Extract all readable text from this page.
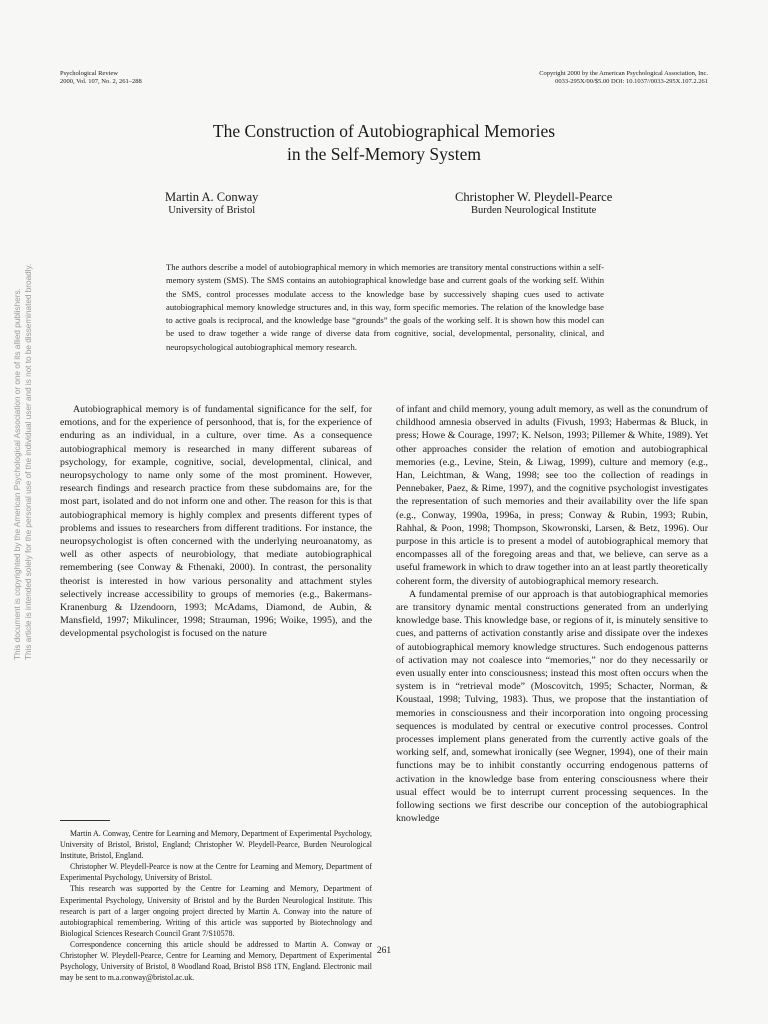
Psychological Review
2000, Vol. 107, No. 2, 261–288
Copyright 2000 by the American Psychological Association, Inc.
0033-295X/00/$5.00 DOI: 10.1037//0033-295X.107.2.261
The Construction of Autobiographical Memories
in the Self-Memory System
Martin A. Conway
University of Bristol
Christopher W. Pleydell-Pearce
Burden Neurological Institute
The authors describe a model of autobiographical memory in which memories are transitory mental constructions within a self-memory system (SMS). The SMS contains an autobiographical knowledge base and current goals of the working self. Within the SMS, control processes modulate access to the knowledge base by successively shaping cues used to activate autobiographical memory knowledge structures and, in this way, form specific memories. The relation of the knowledge base to active goals is reciprocal, and the knowledge base “grounds” the goals of the working self. It is shown how this model can be used to draw together a wide range of diverse data from cognitive, social, developmental, personality, clinical, and neuropsychological autobiographical memory research.

Autobiographical memory is of fundamental significance for the self, for emotions, and for the experience of personhood, that is, for the experience of enduring as an individual, in a culture, over time. As a consequence autobiographical memory is researched in many different subareas of psychology, for example, cognitive, social, developmental, clinical, and neuropsychology to name only some of the most prominent. However, research findings and research practice from these subdomains are, for the most part, isolated and do not inform one and other. The reason for this is that autobiographical memory is highly complex and presents different types of problems and issues to researchers from different traditions. For instance, the neuropsychologist is often concerned with the underlying neuroanatomy, as well as other aspects of neurobiology, that mediate autobiographical remembering (see Conway & Fthenaki, 2000). In contrast, the personality theorist is interested in how various personality and attachment styles selectively increase accessibility to groups of memories (e.g., Bakermans-Kranenburg & IJzendoorn, 1993; McAdams, Diamond, de Aubin, & Mansfield, 1997; Mikulincer, 1998; Strauman, 1996; Woike, 1995), and the developmental psychologist is focused on the nature

of infant and child memory, young adult memory, as well as the conundrum of childhood amnesia observed in adults (Fivush, 1993; Habermas & Bluck, in press; Howe & Courage, 1997; K. Nelson, 1993; Pillemer & White, 1989). Yet other approaches consider the relation of emotion and autobiographical memories (e.g., Levine, Stein, & Liwag, 1999), culture and memory (e.g., Han, Leichtman, & Wang, 1998; see too the collection of readings in Pennebaker, Paez, & Rime, 1997), and the cognitive psychologist investigates the representation of such memories and their availability over the life span (e.g., Conway, 1990a, 1996a, in press; Conway & Rubin, 1993; Rubin, Rahhal, & Poon, 1998; Thompson, Skowronski, Larsen, & Betz, 1996). Our purpose in this article is to present a model of autobiographical memory that encompasses all of the foregoing areas and that, we believe, can serve as a useful framework in which to draw together into an at least partly theoretically coherent form, the diversity of autobiographical memory research.

A fundamental premise of our approach is that autobiographical memories are transitory dynamic mental constructions generated from an underlying knowledge base. This knowledge base, or regions of it, is minutely sensitive to cues, and patterns of activation constantly arise and dissipate over the indexes of autobiographical memory knowledge structures. Such endogenous patterns of activation may not coalesce into “memories,” nor do they necessarily or even usually enter into consciousness; instead this most often occurs when the system is in “retrieval mode” (Moscovitch, 1995; Schacter, Norman, & Koustaal, 1998; Tulving, 1983). Thus, we propose that the instantiation of memories in consciousness and their incorporation into ongoing processing sequences is modulated by central or executive control processes. Control processes implement plans generated from the currently active goals of the working self, and, somewhat ironically (see Wegner, 1994), one of their main functions may be to inhibit constantly occurring endogenous patterns of activation in the knowledge base from entering consciousness where their usual effect would be to interrupt current processing sequences. In the following sections we first describe our conception of the autobiographical knowledge

Martin A. Conway, Centre for Learning and Memory, Department of Experimental Psychology, University of Bristol, Bristol, England; Christopher W. Pleydell-Pearce, Burden Neurological Institute, Bristol, England.

Christopher W. Pleydell-Pearce is now at the Centre for Learning and Memory, Department of Experimental Psychology, University of Bristol.

This research was supported by the Centre for Learning and Memory, Department of Experimental Psychology, University of Bristol and by the Burden Neurological Institute. This research is part of a larger ongoing project directed by Martin A. Conway into the nature of autobiographical remembering. Writing of this article was supported by Biotechnology and Biological Sciences Research Council Grant 7/S10578.

Correspondence concerning this article should be addressed to Martin A. Conway or Christopher W. Pleydell-Pearce, Centre for Learning and Memory, Department of Experimental Psychology, University of Bristol, 8 Woodland Road, Bristol BS8 1TN, England. Electronic mail may be sent to m.a.conway@bristol.ac.uk.

261
This document is copyrighted by the American Psychological Association or one of its allied publishers. This article is intended solely for the personal use of the individual user and is not to be disseminated broadly.
